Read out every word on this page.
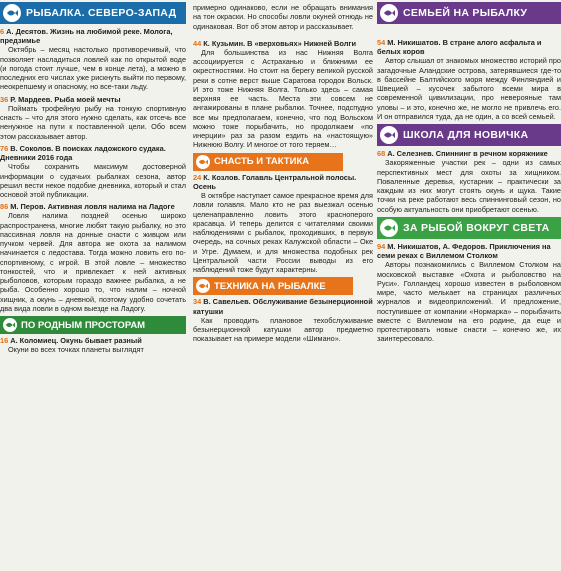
РЫБАЛКА. СЕВЕРО-ЗАПАД

6 А. Десятов. Жизнь на любимой реке. Молога, предзимье

Октябрь – месяц настолько противоречивый, что позволяет насладиться ловлей как по открытой воде (и погода стоит лучше, чем в конце лета), а можно в последних его числах уже рискнуть выйти по первому, неокрепшему и опасному, но все-таки льду.

36 Р. Мардеев. Рыба моей мечты

Поймать трофейную рыбу на тонкую спортивную снасть – что для этого нужно сделать, как отсечь все ненужное на пути к поставленной цели. Обо всем этом рассказывает автор.

76 В. Соколов. В поисках ладожского судака. Дневники 2016 года

Чтобы сохранить максимум достоверной информации о судачьих рыбалках сезона, автор решил вести некое подобие дневника, который и стал основой этой публикации.

86 М. Перов. Активная ловля налима на Ладоге

Ловля налима поздней осенью широко распространена, многие любят такую рыбалку, но это пассивная ловля на донные снасти с живцом или пучком червей. Для автора же охота за налимом начинается с ледостава. Тогда можно ловить его по-спортивному, с игрой. В этой ловле – множество тонкостей, что и привлекает к ней активных рыболовов, которым гораздо важнее рыбалка, а не рыба. Особенно хорошо то, что налим – ночной хищник, а окунь – дневной, поэтому удобно сочетать два вида ловли в одном выезде на Ладогу.

ПО РОДНЫМ ПРОСТОРАМ

16 А. Коломиец. Окунь бывает разный

Окуни во всех точках планеты выглядят

примерно одинаково, если не обращать внимания на тон окраски. Но способы ловли окуней отнюдь не одинаковая. Вот об этом автор и рассказывает.

44 К. Кузьмин. В «верховьях» Нижней Волги

Для большинства из нас Нижняя Волга ассоциируется с Астраханью и ближними ее окрестностями. Но стоит на берегу великой русской реки в сотне верст выше Саратова городок Вольск. И это тоже Нижняя Волга. Только здесь – самая верхняя ее часть. Места эти совсем не ангажированы в плане рыбалки. Точнее, подспудно все мы предполагаем, конечно, что под Вольском можно тоже порыбачить, но продолжаем «по инерции» раз за разом ездить на «настоящую» Нижнюю Волгу. И многое от того теряем…

СНАСТЬ И ТАКТИКА

24 К. Козлов. Голавль Центральной полосы. Осень

В октябре наступает самое прекрасное время для ловли голавля. Мало кто не раз выезжал осенью целенаправленно ловить этого красноперого красавца. И теперь делится с читателями своими наблюдениями с рыбалок, проходивших, в первую очередь, на сочных реках Калужской области – Оке и Угре. Думаем, и для множества подобных рек Центральной части России выводы из его наблюдений тоже будут характерны.

ТЕХНИКА НА РЫБАЛКЕ

34 В. Савельев. Обслуживание безынерционной катушки

Как проводить плановое техобслуживание безынерционной катушки автор предметно показывает на примере модели «Шимано».

СЕМЬЕЙ НА РЫБАЛКУ

54 М. Никишатов. В стране алого асфальта и белых коров

Автор слышал от знакомых множество историй про загадочные Аландские острова, затерявшиеся где-то в бассейне Балтийского моря между Финляндией и Швецией – кусочек забытого всеми мира в современной цивилизации, про неверояные там уловы – и это, конечно же, не могло не привлечь его. И он отправился туда, да не один, а со всей семьей.

ШКОЛА ДЛЯ НОВИЧКА

68 А. Селезнев. Спиннинг в речном коряжнике

Закоряженные участки рек – одни из самых перспективных мест для охоты за хищником. Поваленные деревья, кустарник – практически за каждым из них могут стоять окунь и щука. Такие точки на реке работают весь спиннинговый сезон, но особую актуальность они приобретают осенью.

ЗА РЫБОЙ ВОКРУГ СВЕТА

94 М. Никишатов, А. Федоров. Приключения на семи реках с Виллемом Столком

Авторы познакомились с Виллемом Столком на московской выставке «Охота и рыболовство на Руси». Голландец хорошо известен в рыболовном мире, часто мелькает на страницах различных журналов и видеоприложений. И предложение, поступившее от компании «Нормарка» – порыбачить вместе с Виллемом на его родине, да еще и протестировать новые снасти – конечно же, их заинтересовало.
